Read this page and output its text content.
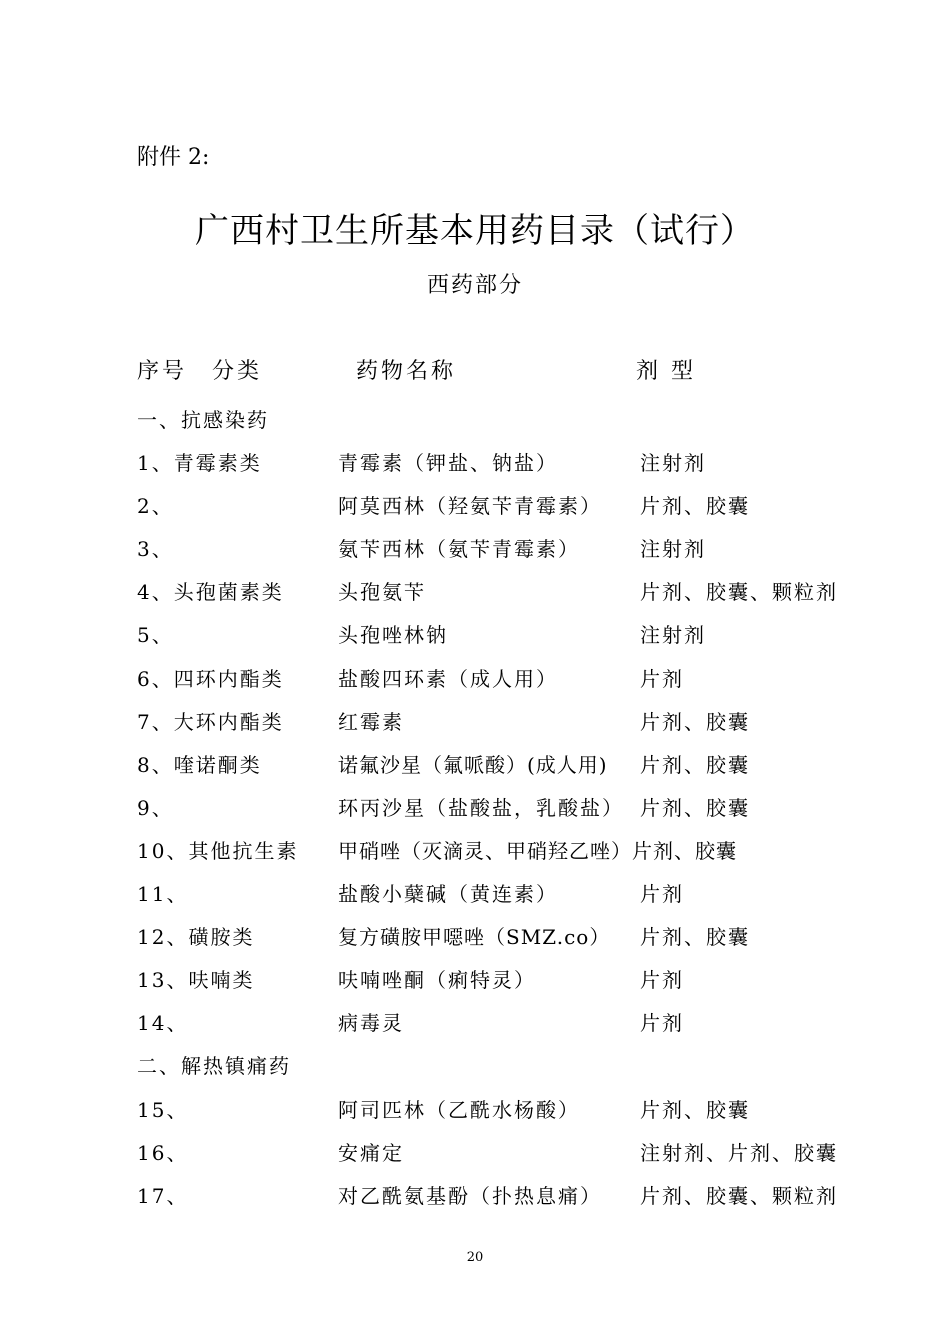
附件 2:
广西村卫生所基本用药目录（试行）
西药部分
序号　分类	药物名称	剂 型
一、抗感染药
1、青霉素类	青霉素（钾盐、钠盐）	注射剂
2、	阿莫西林（羟氨苄青霉素） 片剂、胶囊
3、	氨苄西林（氨苄青霉素）	注射剂
4、头孢菌素类	头孢氨苄	片剂、胶囊、颗粒剂
5、	头孢唑林钠	注射剂
6、四环内酯类	盐酸四环素（成人用）	片剂
7、大环内酯类	红霉素	片剂、胶囊
8、喹诺酮类	诺氟沙星（氟哌酸）(成人用) 片剂、胶囊
9、	环丙沙星（盐酸盐，乳酸盐） 片剂、胶囊
10、其他抗生素 甲硝唑（灭滴灵、甲硝羟乙唑）片剂、胶囊
11、	盐酸小蘖碱（黄连素）	片剂
12、磺胺类	复方磺胺甲噁唑（SMZ.co） 片剂、胶囊
13、呋喃类	呋喃唑酮（痢特灵）	片剂
14、	病毒灵	片剂
二、解热镇痛药
15、	阿司匹林（乙酰水杨酸）	片剂、胶囊
16、	安痛定	注射剂、片剂、胶囊
17、	对乙酰氨基酚（扑热息痛） 片剂、胶囊、颗粒剂
20
